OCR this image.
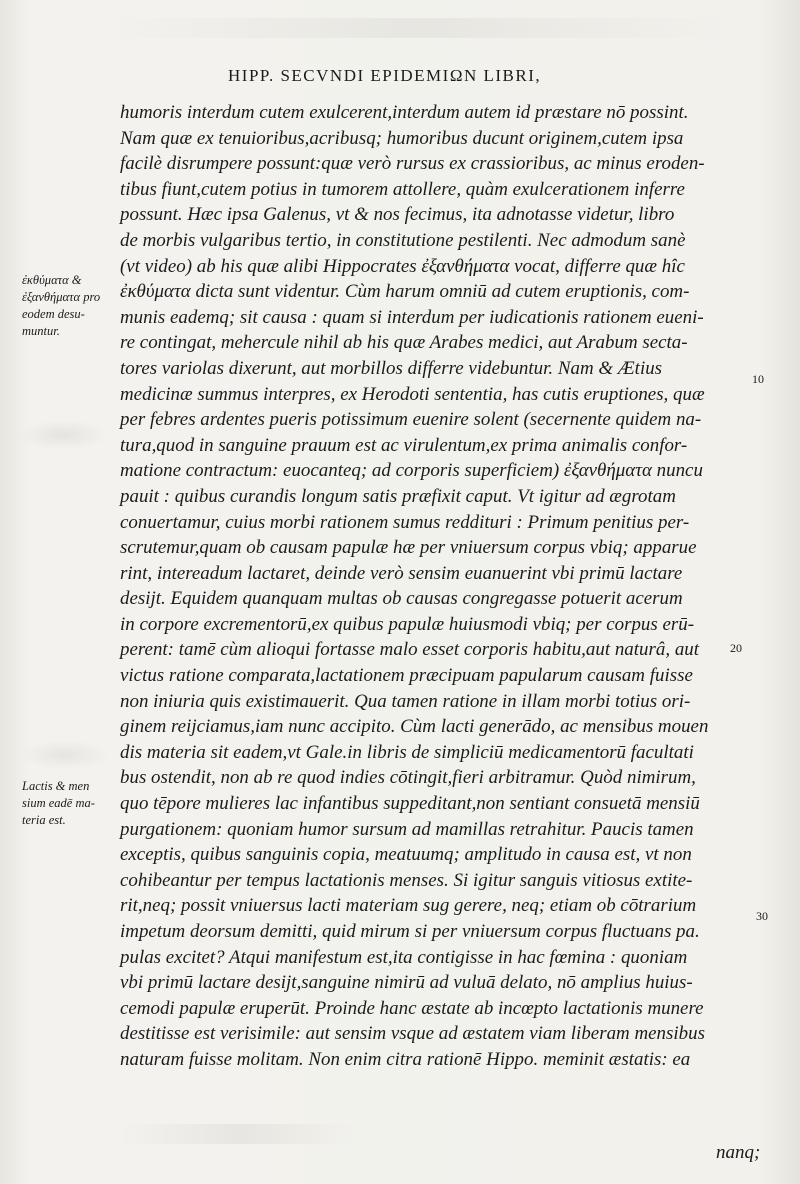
HIPP. SECVNDI EPIDEMIΩN LIBRI,
humoris interdum cutem exulcerent,interdum autem id præstare nō possint.
Nam quæ ex tenuioribus,acribusq; humoribus ducunt originem,cutem ipsa
facilè disrumpere possunt:quæ verò rursus ex crassioribus, ac minus eroden-
tibus fiunt,cutem potius in tumorem attollere, quàm exulcerationem inferre
possunt. Hæc ipsa Galenus, vt & nos fecimus, ita adnotasse videtur, libro
de morbis vulgaribus tertio, in constitutione pestilenti. Nec admodum sanè
(vt video) ab his quæ alibi Hippocrates ἐξανθήματα vocat, differre quæ hîc
ἐκθύματα dicta sunt videntur. Cùm harum omniū ad cutem eruptionis, com-
munis eademq; sit causa : quam si interdum per iudicationis rationem eueni-
re contingat, mehercule nihil ab his quæ Arabes medici, aut Arabum secta-
tores variolas dixerunt, aut morbillos differre videbuntur. Nam & Ætius
medicinæ summus interpres, ex Herodoti sententia, has cutis eruptiones, quæ
per febres ardentes pueris potissimum euenire solent (secernente quidem na-
tura,quod in sanguine prauum est ac virulentum,ex prima animalis confor-
matione contractum: euocanteq; ad corporis superficiem) ἐξανθήματα nuncu
pauit : quibus curandis longum satis præfixit caput. Vt igitur ad ægrotam
conuertamur, cuius morbi rationem sumus reddituri : Primum penitius per-
scrutemur,quam ob causam papulæ hæ per vniuersum corpus vbiq; apparue
rint, intereadum lactaret, deinde verò sensim euanuerint vbi primū lactare
desijt. Equidem quanquam multas ob causas congregasse potuerit acerum
in corpore excrementorū,ex quibus papulæ huiusmodi vbiq; per corpus erū-
perent: tamē cùm alioqui fortasse malo esset corporis habitu,aut naturâ, aut
victus ratione comparata,lactationem præcipuam papularum causam fuisse
non iniuria quis existimauerit. Qua tamen ratione in illam morbi totius ori-
ginem reijciamus,iam nunc accipito. Cùm lacti generādo, ac mensibus mouen
dis materia sit eadem,vt Gale.in libris de simpliciū medicamentorū facultati
bus ostendit, non ab re quod indies cōtingit,fieri arbitramur. Quòd nimirum,
quo tēpore mulieres lac infantibus suppeditant,non sentiant consuetā mensiū
purgationem: quoniam humor sursum ad mamillas retrahitur. Paucis tamen
exceptis, quibus sanguinis copia, meatuumq; amplitudo in causa est, vt non
cohibeantur per tempus lactationis menses. Si igitur sanguis vitiosus extite-
rit,neq; possit vniuersus lacti materiam sug gerere, neq; etiam ob cōtrarium
impetum deorsum demitti, quid mirum si per vniuersum corpus fluctuans pa.
pulas excitet? Atqui manifestum est,ita contigisse in hac fœmina : quoniam
vbi primū lactare desijt,sanguine nimirū ad vuluā delato, nō amplius huius-
cemodi papulæ eruperūt. Proinde hanc æstate ab incœpto lactationis munere
destitisse est verisimile: aut sensim vsque ad æstatem viam liberam mensibus
naturam fuisse molitam. Non enim citra rationē Hippo. meminit æstatis: ea
ἐκθύματα &
ἐξανθήματα pro
eodem desu-
muntur.
Lactis & men
sium eadē ma-
teria est.
10
20
30
nanq;
